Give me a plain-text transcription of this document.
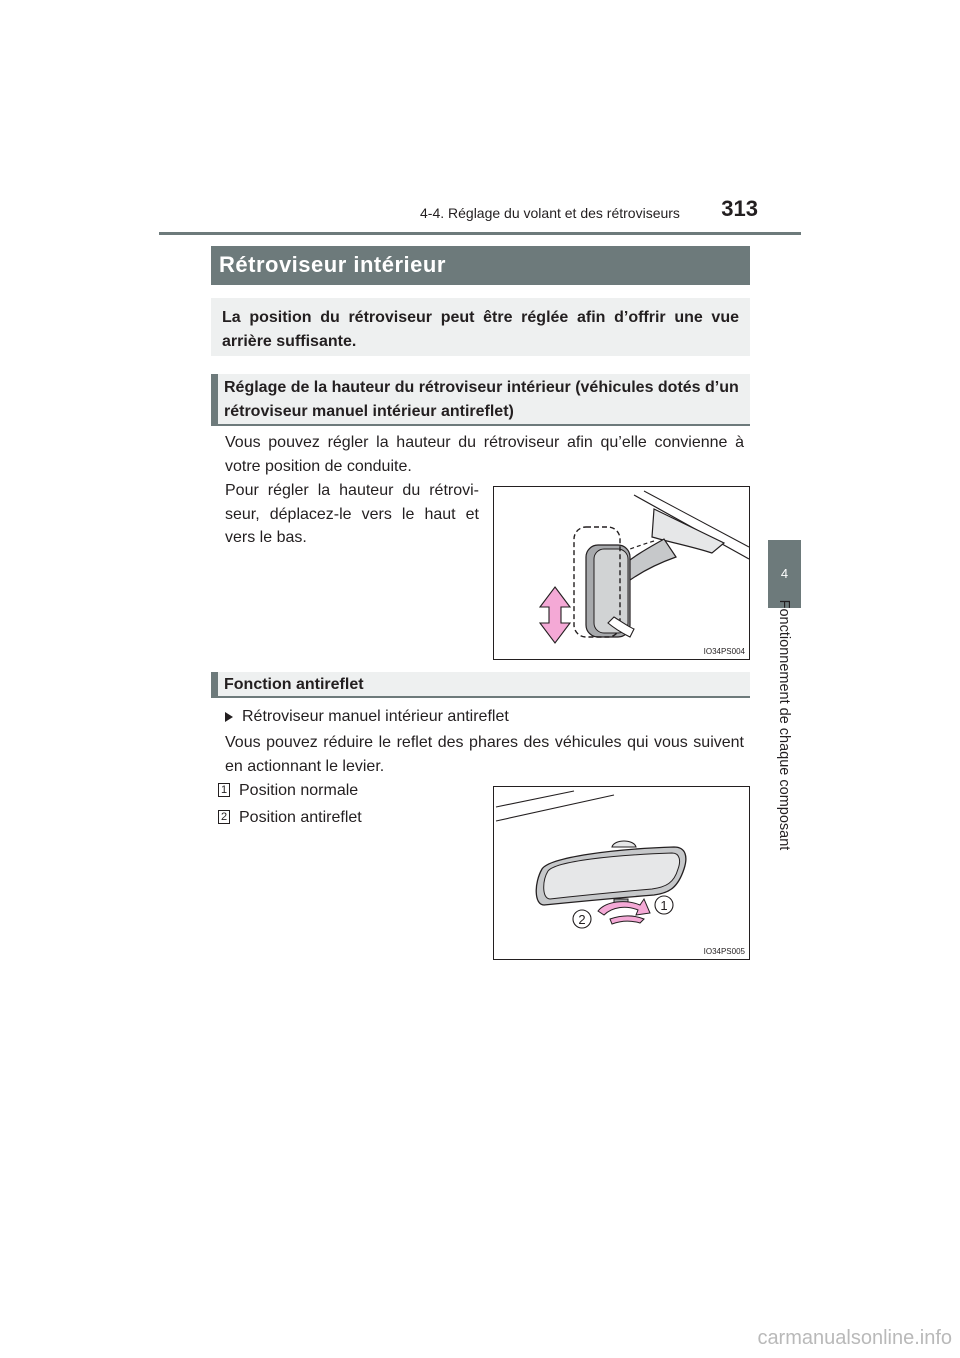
4-4. Réglage du volant et des rétroviseurs	313
4
Fonctionnement de chaque composant
Rétroviseur intérieur
La position du rétroviseur peut être réglée afin d’offrir une vue arrière suffisante.
Réglage de la hauteur du rétroviseur intérieur (véhicules dotés d’un rétroviseur manuel intérieur antireflet)
Vous pouvez régler la hauteur du rétroviseur afin qu’elle convienne à votre position de conduite.
Pour régler la hauteur du rétroviseur, déplacez-le vers le haut et vers le bas.
IO34PS004
Fonction antireflet
Rétroviseur manuel intérieur antireflet
Vous pouvez réduire le reflet des phares des véhicules qui vous suivent en actionnant le levier.
1 Position normale
2 Position antireflet
1
2
IO34PS005
carmanualsonline.info
